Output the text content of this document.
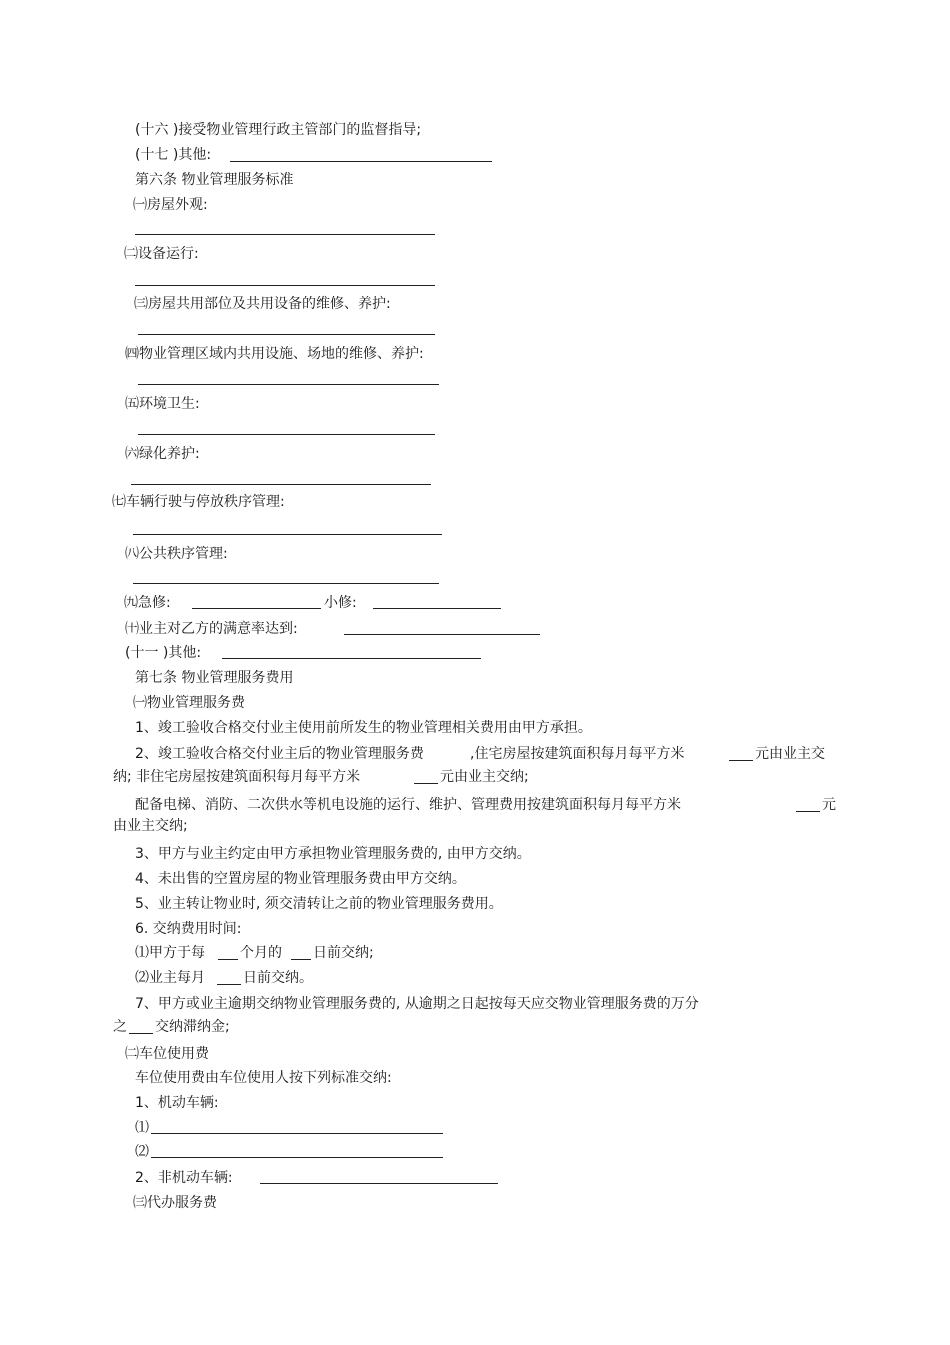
(十六 )接受物业管理行政主管部门的监督指导;
(十七 )其他:
第六条 物业管理服务标准
㈠房屋外观:
㈡设备运行:
㈢房屋共用部位及共用设备的维修、养护:
㈣物业管理区域内共用设施、场地的维修、养护:
㈤环境卫生:
㈥绿化养护:
㈦车辆行驶与停放秩序管理:
㈧公共秩序管理:
㈨急修:	小修:
㈩业主对乙方的满意率达到:
(十一 )其他:
第七条 物业管理服务费用
㈠物业管理服务费
1、竣工验收合格交付业主使用前所发生的物业管理相关费用由甲方承担。
2、竣工验收合格交付业主后的物业管理服务费	,住宅房屋按建筑面积每月每平方米	元由业主交
纳; 非住宅房屋按建筑面积每月每平方米	元由业主交纳;
配备电梯、消防、二次供水等机电设施的运行、维护、管理费用按建筑面积每月每平方米	元
由业主交纳;
3、甲方与业主约定由甲方承担物业管理服务费的, 由甲方交纳。
4、未出售的空置房屋的物业管理服务费由甲方交纳。
5、业主转让物业时, 须交清转让之前的物业管理服务费用。
6. 交纳费用时间:
⑴甲方于每	个月的 日前交纳;
⑵业主每月	日前交纳。
7、甲方或业主逾期交纳物业管理服务费的, 从逾期之日起按每天应交物业管理服务费的万分
之 交纳滞纳金;
㈡车位使用费
车位使用费由车位使用人按下列标准交纳:
1、机动车辆:
⑴
⑵
2、非机动车辆:
㈢代办服务费
